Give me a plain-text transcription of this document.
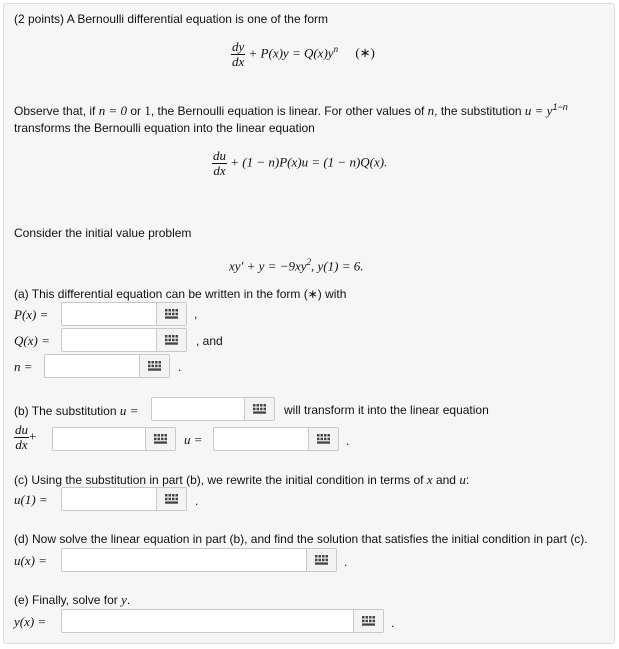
(2 points) A Bernoulli differential equation is one of the form
$\frac{dy}{dx} + P(x)y = Q(x)y^n$ (∗)
Observe that, if n = 0 or 1, the Bernoulli equation is linear. For other values of n, the substitution $u = y^{1-n}$
transforms the Bernoulli equation into the linear equation
$\frac{du}{dx} + (1 - n)P(x)u = (1 - n)Q(x)$.
Consider the initial value problem
$xy' + y = -9xy^2$, y(1) = 6.
(a) This differential equation can be written in the form (∗) with
P(x) =	,
Q(x) =	, and
n =	.
(b) The substitution u =	will transform it into the linear equation
$\frac{du}{dx}$ +	u =	.
(c) Using the substitution in part (b), we rewrite the initial condition in terms of x and u:
u(1) =	.
(d) Now solve the linear equation in part (b), and find the solution that satisfies the initial condition in part (c).
u(x) =	.
(e) Finally, solve for y.
y(x) =	.
